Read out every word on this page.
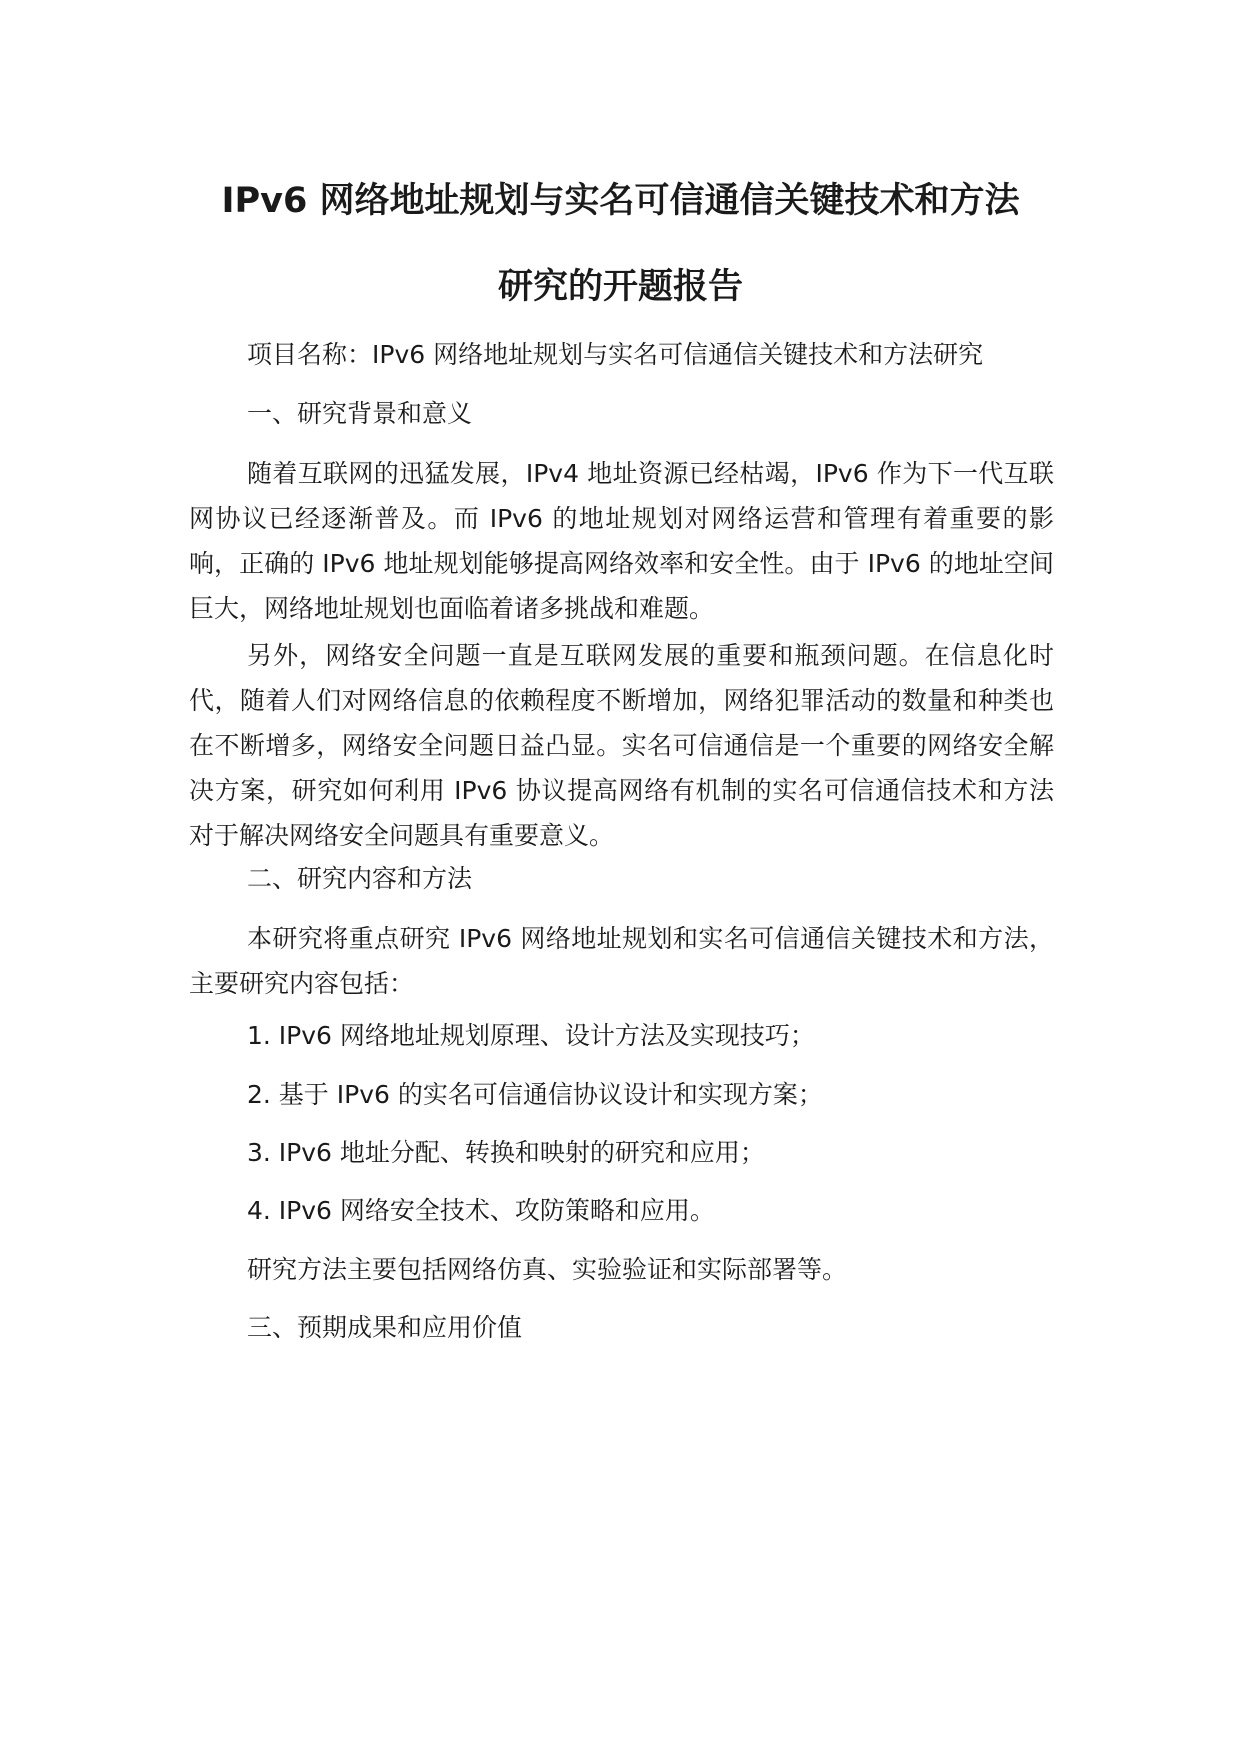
IPv6 网络地址规划与实名可信通信关键技术和方法
研究的开题报告

项目名称：IPv6 网络地址规划与实名可信通信关键技术和方法研究

一、研究背景和意义

随着互联网的迅猛发展，IPv4 地址资源已经枯竭，IPv6 作为下一代互联网协议已经逐渐普及。而 IPv6 的地址规划对网络运营和管理有着重要的影响，正确的 IPv6 地址规划能够提高网络效率和安全性。由于 IPv6 的地址空间巨大，网络地址规划也面临着诸多挑战和难题。

另外，网络安全问题一直是互联网发展的重要和瓶颈问题。在信息化时代，随着人们对网络信息的依赖程度不断增加，网络犯罪活动的数量和种类也在不断增多，网络安全问题日益凸显。实名可信通信是一个重要的网络安全解决方案，研究如何利用 IPv6 协议提高网络有机制的实名可信通信技术和方法对于解决网络安全问题具有重要意义。

二、研究内容和方法

本研究将重点研究 IPv6 网络地址规划和实名可信通信关键技术和方法，主要研究内容包括：

1. IPv6 网络地址规划原理、设计方法及实现技巧；

2. 基于 IPv6 的实名可信通信协议设计和实现方案；

3. IPv6 地址分配、转换和映射的研究和应用；

4. IPv6 网络安全技术、攻防策略和应用。

研究方法主要包括网络仿真、实验验证和实际部署等。

三、预期成果和应用价值
